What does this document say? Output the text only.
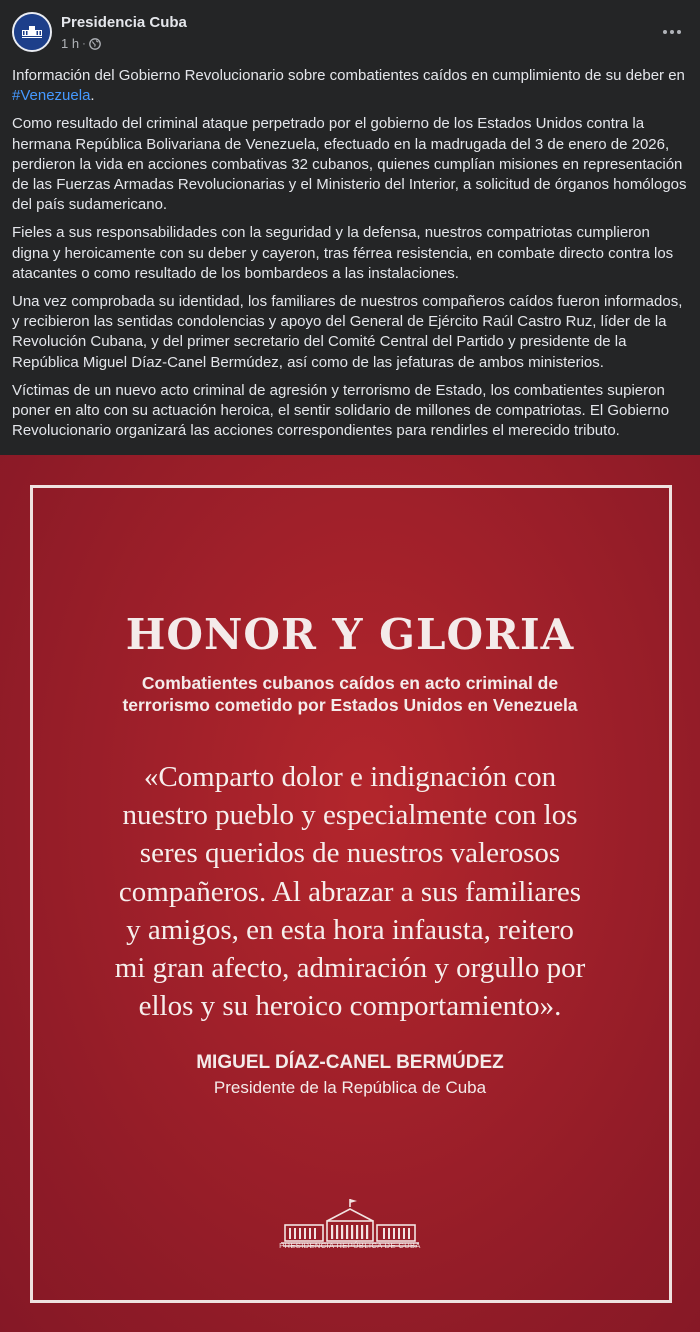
Presidencia Cuba
1 h ·

Información del Gobierno Revolucionario sobre combatientes caídos en cumplimiento de su deber en #Venezuela.

Como resultado del criminal ataque perpetrado por el gobierno de los Estados Unidos contra la hermana República Bolivariana de Venezuela, efectuado en la madrugada del 3 de enero de 2026, perdieron la vida en acciones combativas 32 cubanos, quienes cumplían misiones en representación de las Fuerzas Armadas Revolucionarias y el Ministerio del Interior, a solicitud de órganos homólogos del país sudamericano.

Fieles a sus responsabilidades con la seguridad y la defensa, nuestros compatriotas cumplieron digna y heroicamente con su deber y cayeron, tras férrea resistencia, en combate directo contra los atacantes o como resultado de los bombardeos a las instalaciones.

Una vez comprobada su identidad, los familiares de nuestros compañeros caídos fueron informados, y recibieron las sentidas condolencias y apoyo del General de Ejército Raúl Castro Ruz, líder de la Revolución Cubana, y del primer secretario del Comité Central del Partido y presidente de la República Miguel Díaz-Canel Bermúdez, así como de las jefaturas de ambos ministerios.

Víctimas de un nuevo acto criminal de agresión y terrorismo de Estado, los combatientes supieron poner en alto con su actuación heroica, el sentir solidario de millones de compatriotas. El Gobierno Revolucionario organizará las acciones correspondientes para rendirles el merecido tributo.

HONOR Y GLORIA
Combatientes cubanos caídos en acto criminal de
terrorismo cometido por Estados Unidos en Venezuela
«Comparto dolor e indignación con
nuestro pueblo y especialmente con los
seres queridos de nuestros valerosos
compañeros. Al abrazar a sus familiares
y amigos, en esta hora infausta, reitero
mi gran afecto, admiración y orgullo por
ellos y su heroico comportamiento».
MIGUEL DÍAZ-CANEL BERMÚDEZ
Presidente de la República de Cuba
PRESIDENCIA REPÚBLICA DE CUBA
